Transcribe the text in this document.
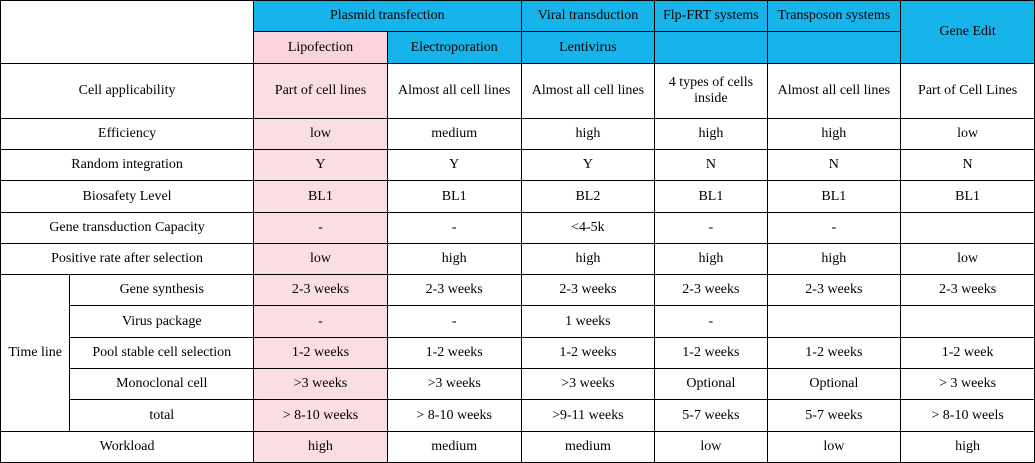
		Plasmid transfection		Viral transduction	Flp-FRT systems	Transposon systems	Gene Edit
		Lipofection	Electroporation	Lentivirus			
Cell applicability		Part of cell lines	Almost all cell lines	Almost all cell lines	4 types of cells inside	Almost all cell lines	Part of Cell Lines
Efficiency		low	medium	high	high	high	low
Random integration		Y	Y	Y	N	N	N
Biosafety Level		BL1	BL1	BL2	BL1	BL1	BL1
Gene transduction Capacity		-	-	<4-5k	-	-	
Positive rate after selection		low	high	high	high	high	low
Time line	Gene synthesis	2-3 weeks	2-3 weeks	2-3 weeks	2-3 weeks	2-3 weeks	2-3 weeks
	Virus package	-	-	1 weeks	-		
	Pool stable cell selection	1-2 weeks	1-2 weeks	1-2 weeks	1-2 weeks	1-2 weeks	1-2 week
	Monoclonal cell	>3 weeks	>3 weeks	>3 weeks	Optional	Optional	> 3 weeks
	total	> 8-10 weeks	> 8-10 weeks	>9-11 weeks	5-7 weeks	5-7 weeks	> 8-10 weels
Workload		high	medium	medium	low	low	high
